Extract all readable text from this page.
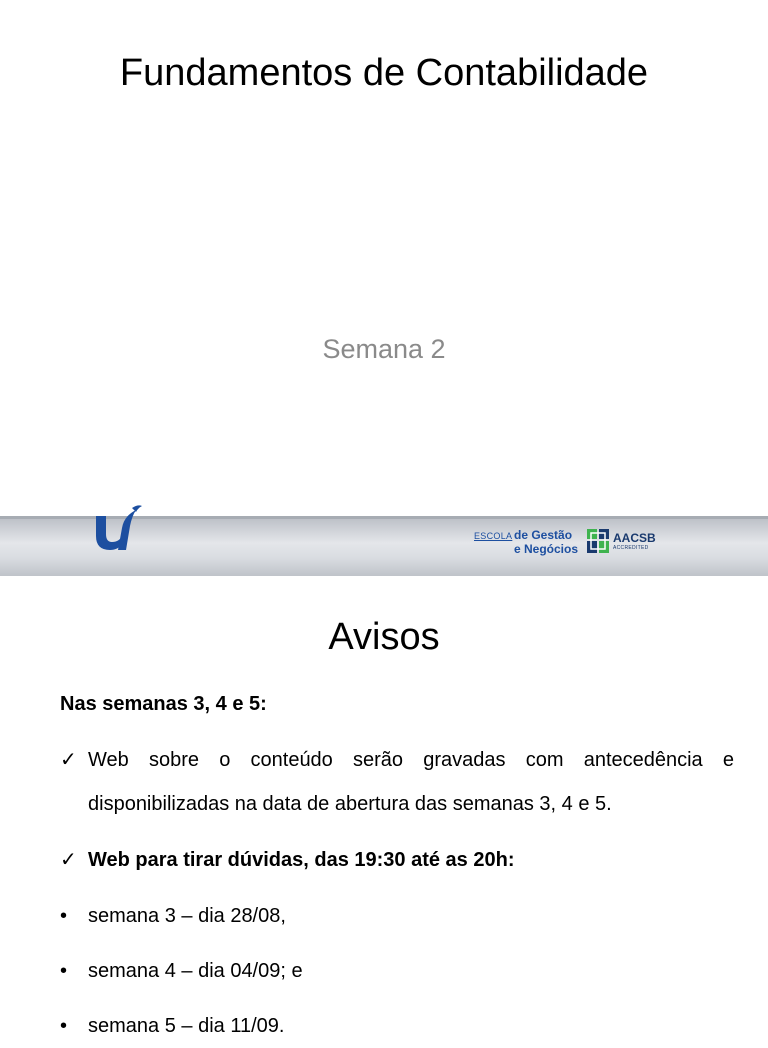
Fundamentos de Contabilidade

Semana 2

ESCOLA de Gestão
e Negócios
AACSB
ACCREDITED
Avisos

Nas semanas 3, 4 e 5:

✓ Web sobre o conteúdo serão gravadas com antecedência e disponibilizadas na data de abertura das semanas 3, 4 e 5.
✓ Web para tirar dúvidas, das 19:30 até as 20h:
•	semana 3 – dia 28/08,
•	semana 4 – dia 04/09; e
•	semana 5 – dia 11/09.
